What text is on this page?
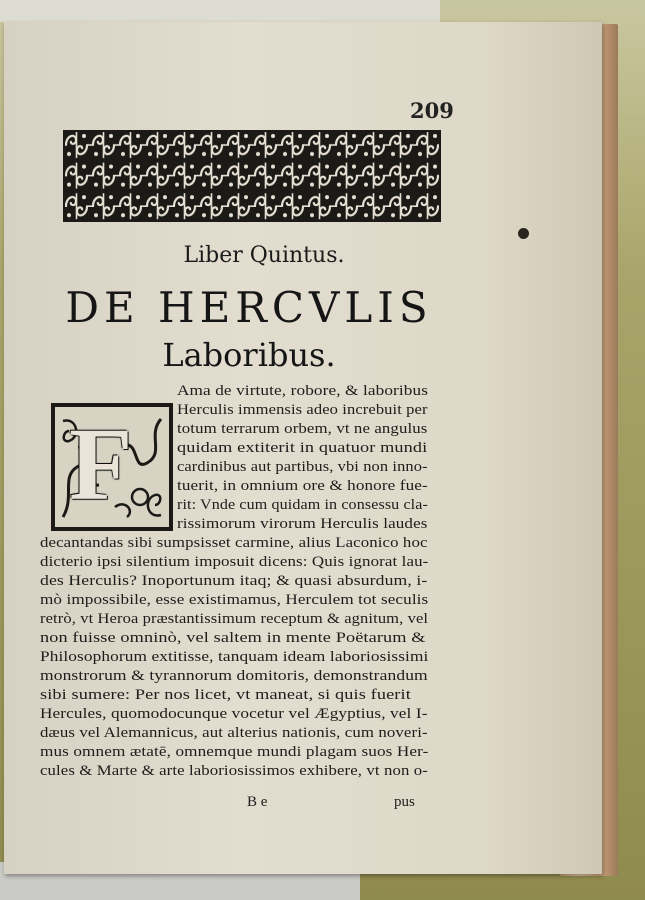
209
Liber Quintus.
DE HERCVLIS
Laboribus.
F
Ama de virtute, robore, & laboribus
Herculis immensis adeo increbuit per
totum terrarum orbem, vt ne angulus
quidam extiterit in quatuor mundi
cardinibus aut partibus, vbi non inno-
tuerit, in omnium ore & honore fue-
rit: Vnde cum quidam in consessu cla-
rissimorum virorum Herculis laudes
decantandas sibi sumpsisset carmine, alius Laconico hoc
dicterio ipsi silentium imposuit dicens: Quis ignorat lau-
des Herculis? Inoportunum itaq; & quasi absurdum, i-
mò impossibile, esse existimamus, Herculem tot seculis
retrò, vt Heroa præstantissimum receptum & agnitum, vel
non fuisse omninò, vel saltem in mente Poëtarum &
Philosophorum extitisse, tanquam ideam laboriosissimi
monstrorum & tyrannorum domitoris, demonstrandum
sibi sumere: Per nos licet, vt maneat, si quis fuerit
Hercules, quomodocunque vocetur vel Ægyptius, vel I-
dæus vel Alemannicus, aut alterius nationis, cum noveri-
mus omnem ætatē, omnemque mundi plagam suos Her-
cules & Marte & arte laboriosissimos exhibere, vt non o-
B e	pus
